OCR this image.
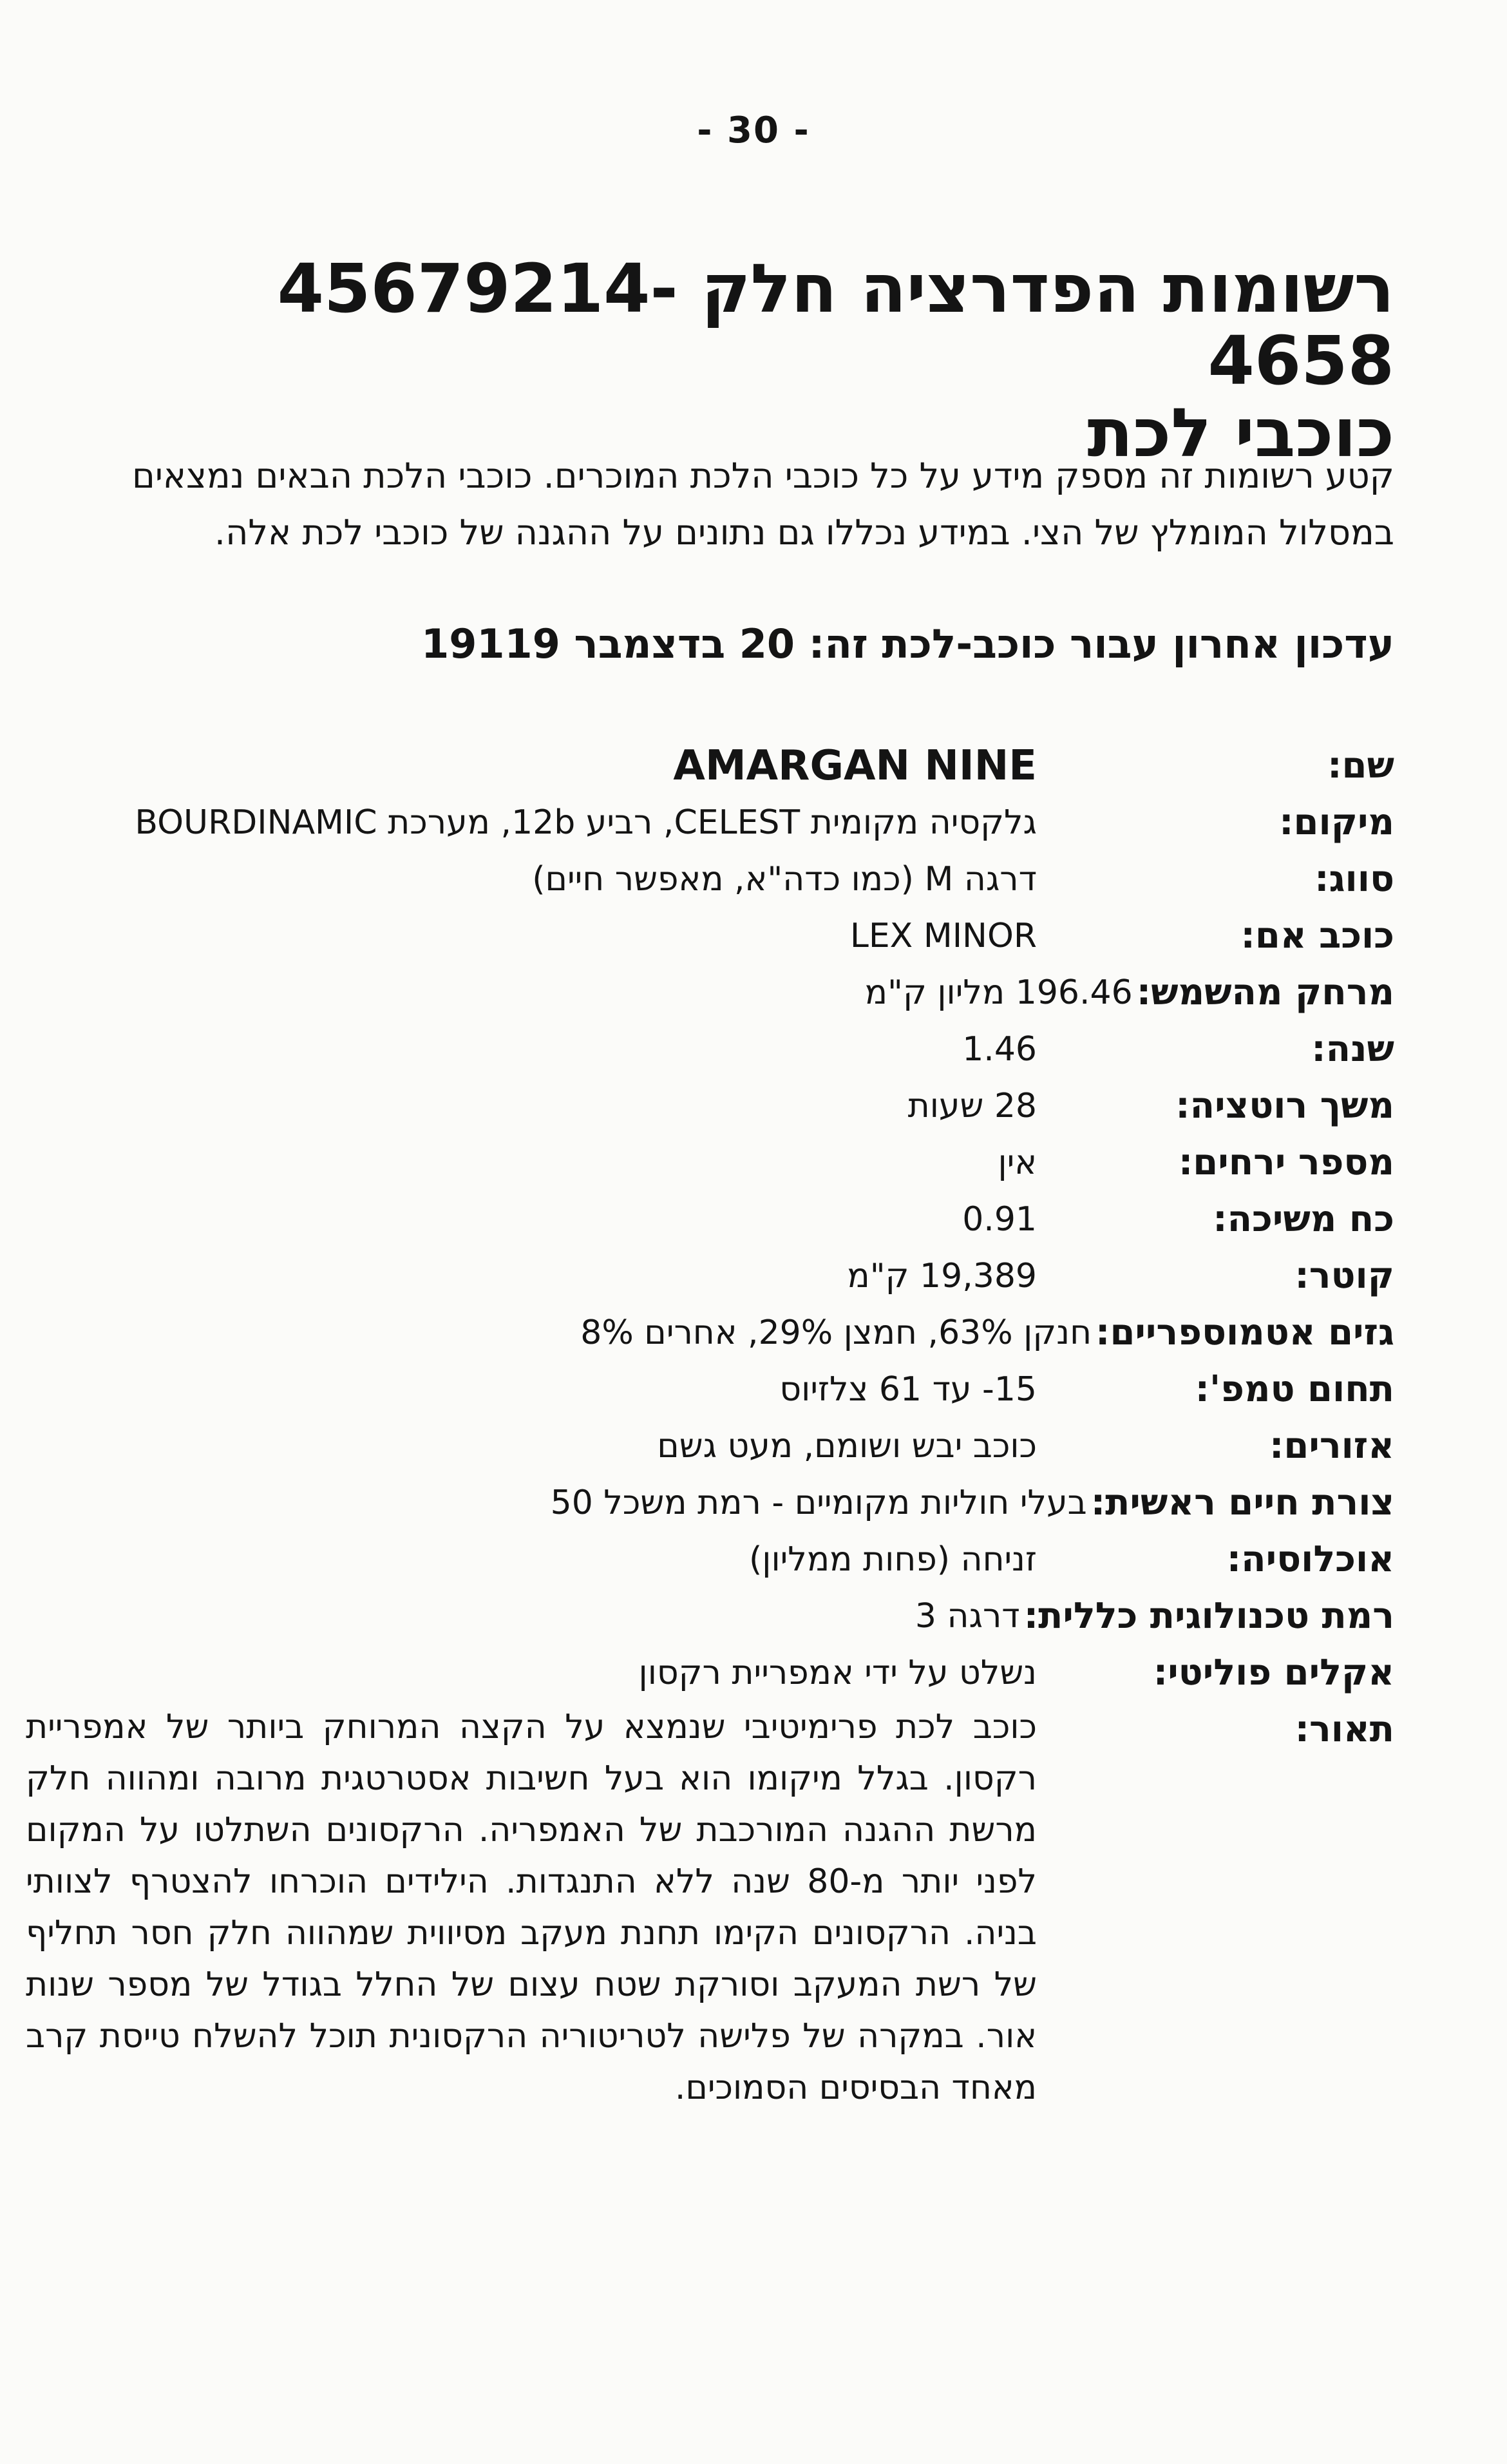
- 30 -
רשומות הפדרציה חלק 45679214-4658
כוכבי לכת

קטע רשומות זה מספק מידע על כל כוכבי הלכת המוכרים. כוכבי הלכת הבאים נמצאים במסלול המומלץ של הצי. במידע נכללו גם נתונים על ההגנה של כוכבי לכת אלה.

עדכון אחרון עבור כוכב-לכת זה: 20 בדצמבר 19119

שם:
AMARGAN NINE
מיקום:
גלקסיה מקומית CELEST, רביע 12b, מערכת BOURDINAMIC
סווג:
דרגה M (כמו כדה"א, מאפשר חיים)
כוכב אם:
LEX MINOR
מרחק מהשמש:
196.46 מליון ק"מ
שנה:
1.46
משך רוטציה:
28 שעות
מספר ירחים:
אין
כח משיכה:
0.91
קוטר:
19,389 ק"מ
גזים אטמוספריים:
חנקן 63%, חמצן 29%, אחרים 8%
תחום טמפ':
15- עד 61 צלזיוס
אזורים:
כוכב יבש ושומם, מעט גשם
צורת חיים ראשית:
בעלי חוליות מקומיים - רמת משכל 50
אוכלוסיה:
זניחה (פחות ממליון)
רמת טכנולוגית כללית:
דרגה 3
אקלים פוליטי:
נשלט על ידי אמפריית רקסון
תאור:
כוכב לכת פרימיטיבי שנמצא על הקצה המרוחק ביותר של אמפריית רקסון. בגלל מיקומו הוא בעל חשיבות אסטרטגית מרובה ומהווה חלק מרשת ההגנה המורכבת של האמפריה. הרקסונים השתלטו על המקום לפני יותר מ-80 שנה ללא התנגדות. הילידים הוכרחו להצטרף לצוותי בניה. הרקסונים הקימו תחנת מעקב מסיווית שמהווה חלק חסר תחליף של רשת המעקב וסורקת שטח עצום של החלל בגודל של מספר שנות אור. במקרה של פלישה לטריטוריה הרקסונית תוכל להשלח טייסת קרב מאחד הבסיסים הסמוכים.
